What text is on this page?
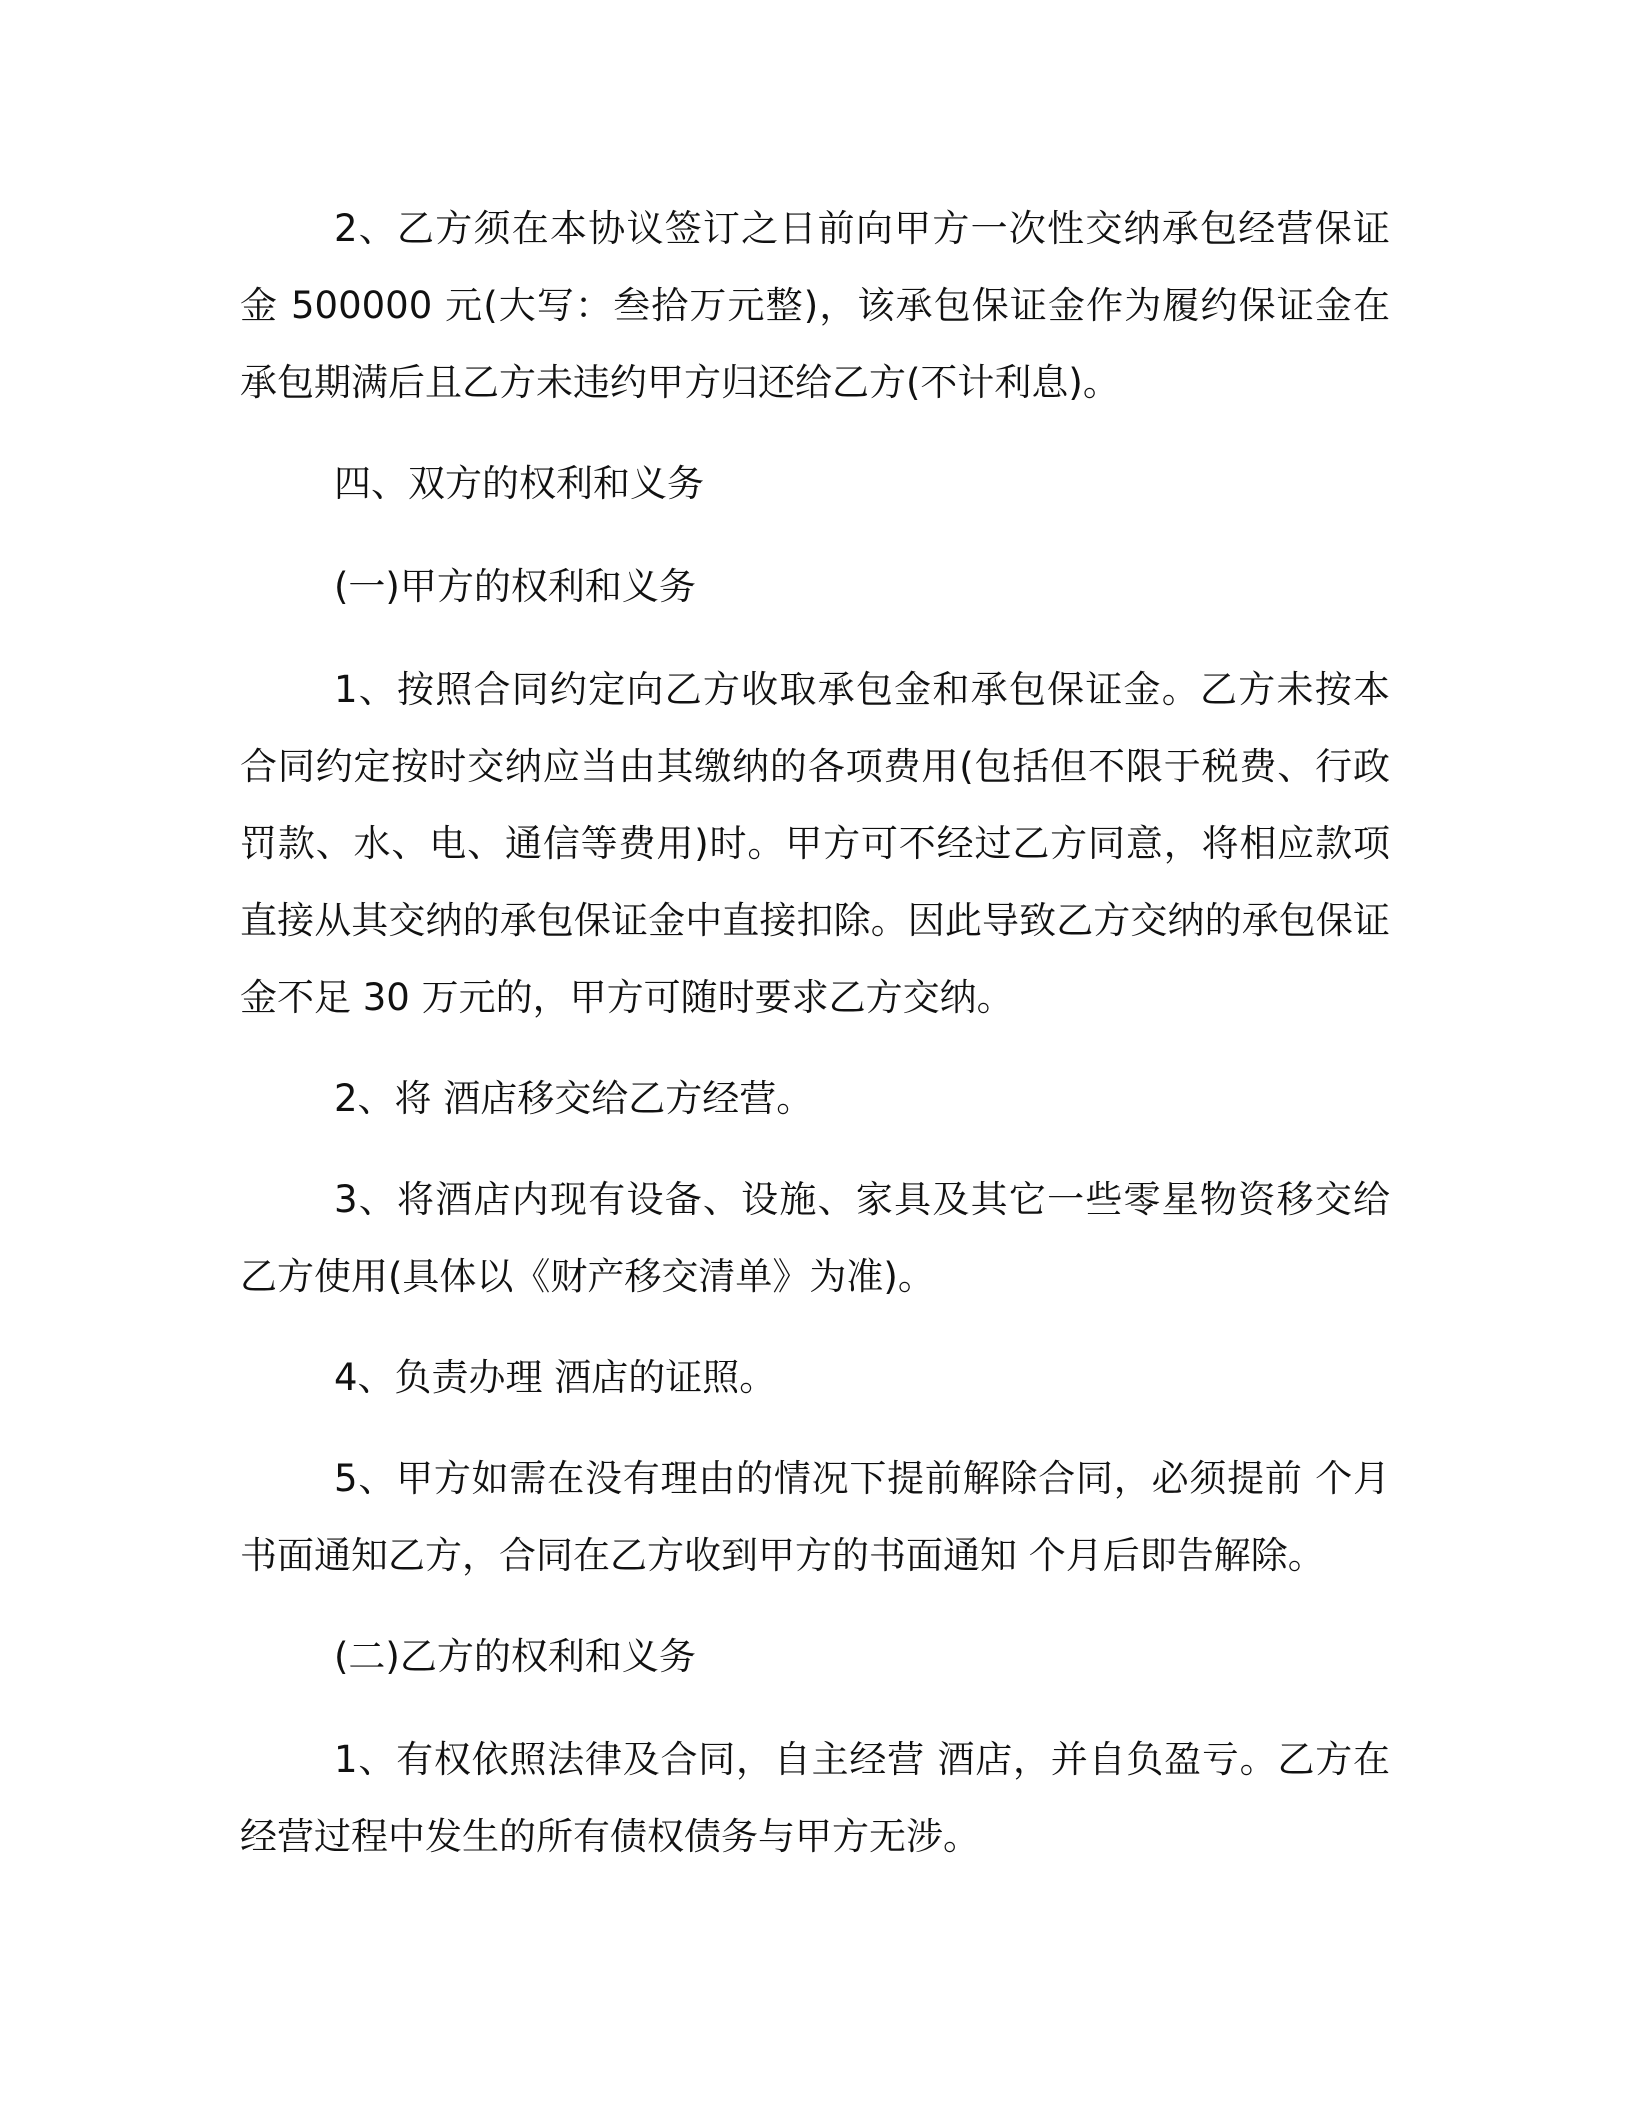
2、乙方须在本协议签订之日前向甲方一次性交纳承包经营保证金 500000 元(大写：叁拾万元整)，该承包保证金作为履约保证金在承包期满后且乙方未违约甲方归还给乙方(不计利息)。

四、双方的权利和义务

(一)甲方的权利和义务

1、按照合同约定向乙方收取承包金和承包保证金。乙方未按本合同约定按时交纳应当由其缴纳的各项费用(包括但不限于税费、行政罚款、水、电、通信等费用)时。甲方可不经过乙方同意，将相应款项直接从其交纳的承包保证金中直接扣除。因此导致乙方交纳的承包保证金不足 30 万元的，甲方可随时要求乙方交纳。

2、将 酒店移交给乙方经营。

3、将酒店内现有设备、设施、家具及其它一些零星物资移交给乙方使用(具体以《财产移交清单》为准)。

4、负责办理 酒店的证照。

5、甲方如需在没有理由的情况下提前解除合同，必须提前 个月书面通知乙方，合同在乙方收到甲方的书面通知 个月后即告解除。

(二)乙方的权利和义务

1、有权依照法律及合同，自主经营 酒店，并自负盈亏。乙方在经营过程中发生的所有债权债务与甲方无涉。
